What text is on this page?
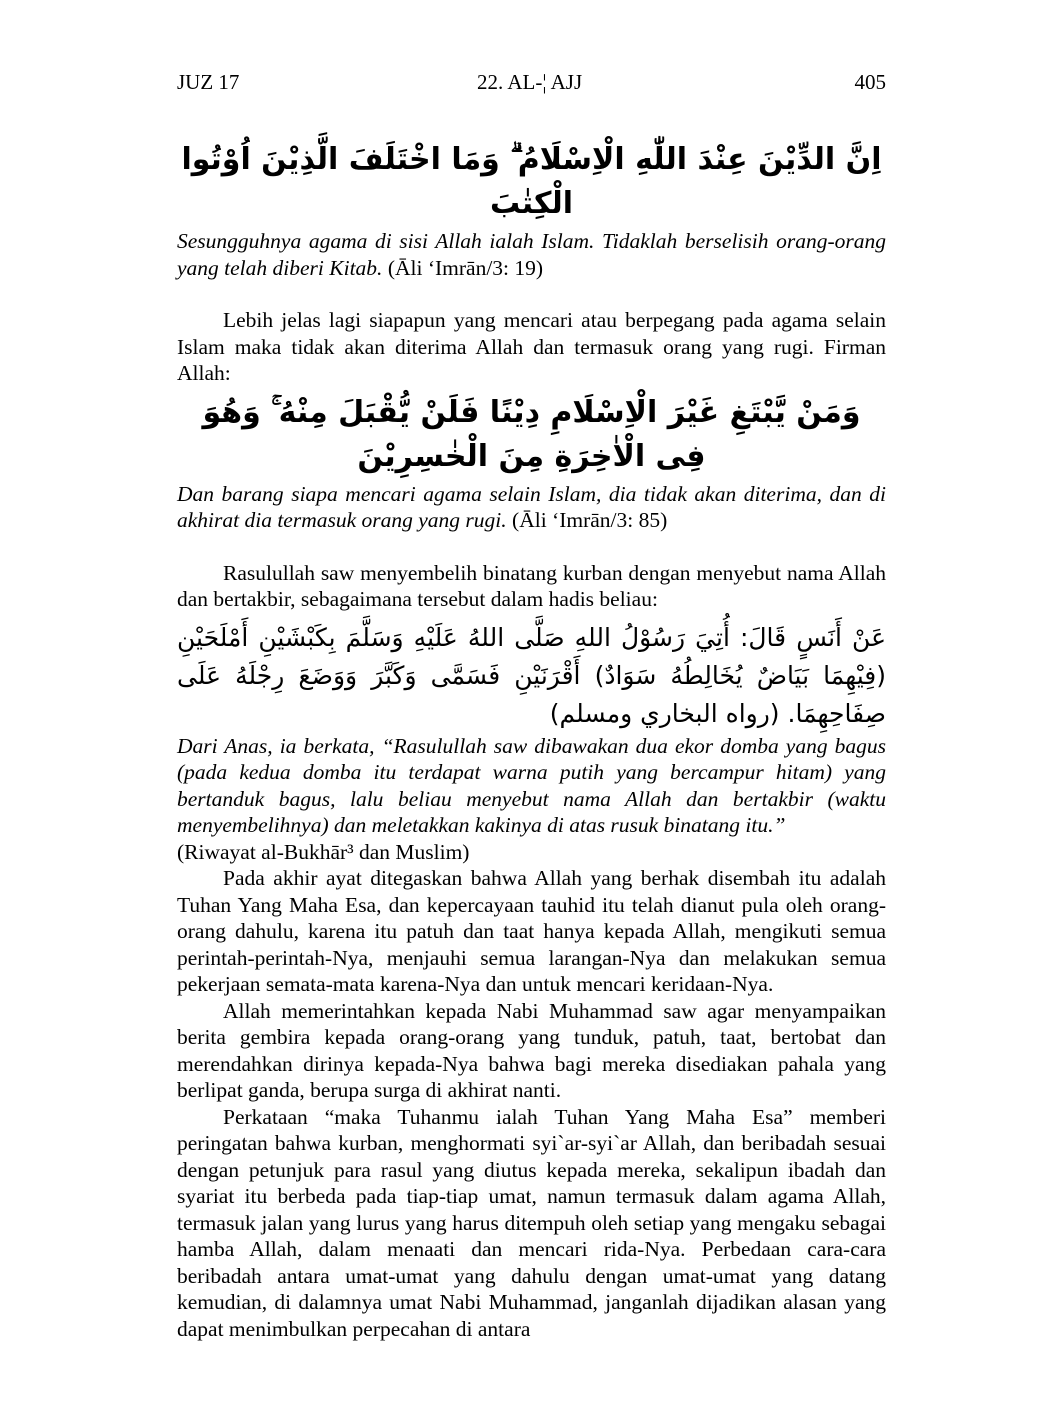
JUZ 17	22. AL-¦ AJJ	405
اِنَّ الدِّيْنَ عِنْدَ اللّٰهِ الْاِسْلَامُ ۗ وَمَا اخْتَلَفَ الَّذِيْنَ اُوْتُوا الْكِتٰبَ

Sesungguhnya agama di sisi Allah ialah Islam. Tidaklah berselisih orang-orang yang telah diberi Kitab. (Āli ‘Imrān/3: 19)

Lebih jelas lagi siapapun yang mencari atau berpegang pada agama selain Islam maka tidak akan diterima Allah dan termasuk orang yang rugi. Firman Allah:

وَمَنْ يَّبْتَغِ غَيْرَ الْاِسْلَامِ دِيْنًا فَلَنْ يُّقْبَلَ مِنْهُ ۚ وَهُوَ فِى الْاٰخِرَةِ مِنَ الْخٰسِرِيْنَ

Dan barang siapa mencari agama selain Islam, dia tidak akan diterima, dan di akhirat dia termasuk orang yang rugi. (Āli ‘Imrān/3: 85)

Rasulullah saw menyembelih binatang kurban dengan menyebut nama Allah dan bertakbir, sebagaimana tersebut dalam hadis beliau:

عَنْ أَنَسٍ قَالَ: أُتِيَ رَسُوْلُ اللهِ صَلَّى اللهُ عَلَيْهِ وَسَلَّمَ بِكَبْشَيْنِ أَمْلَحَيْنِ (فِيْهِمَا بَيَاضٌ يُخَالِطُهُ سَوَادٌ) أَقْرَنَيْنِ فَسَمَّى وَكَبَّرَ وَوَضَعَ رِجْلَهُ عَلَى صِفَاحِهِمَا. (رواه البخاري ومسلم)

Dari Anas, ia berkata, “Rasulullah saw dibawakan dua ekor domba yang bagus (pada kedua domba itu terdapat warna putih yang bercampur hitam) yang bertanduk bagus, lalu beliau menyebut nama Allah dan bertakbir (waktu menyembelihnya) dan meletakkan kakinya di atas rusuk binatang itu.”
(Riwayat al-Bukhār³ dan Muslim)

Pada akhir ayat ditegaskan bahwa Allah yang berhak disembah itu adalah Tuhan Yang Maha Esa, dan kepercayaan tauhid itu telah dianut pula oleh orang-orang dahulu, karena itu patuh dan taat hanya kepada Allah, mengikuti semua perintah-perintah-Nya, menjauhi semua larangan-Nya dan melakukan semua pekerjaan semata-mata karena-Nya dan untuk mencari keridaan-Nya.

Allah memerintahkan kepada Nabi Muhammad saw agar menyampaikan berita gembira kepada orang-orang yang tunduk, patuh, taat, bertobat dan merendahkan dirinya kepada-Nya bahwa bagi mereka disediakan pahala yang berlipat ganda, berupa surga di akhirat nanti.

Perkataan “maka Tuhanmu ialah Tuhan Yang Maha Esa” memberi peringatan bahwa kurban, menghormati syi`ar-syi`ar Allah, dan beribadah sesuai dengan petunjuk para rasul yang diutus kepada mereka, sekalipun ibadah dan syariat itu berbeda pada tiap-tiap umat, namun termasuk dalam agama Allah, termasuk jalan yang lurus yang harus ditempuh oleh setiap yang mengaku sebagai hamba Allah, dalam menaati dan mencari rida-Nya. Perbedaan cara-cara beribadah antara umat-umat yang dahulu dengan umat-umat yang datang kemudian, di dalamnya umat Nabi Muhammad, janganlah dijadikan alasan yang dapat menimbulkan perpecahan di antara
